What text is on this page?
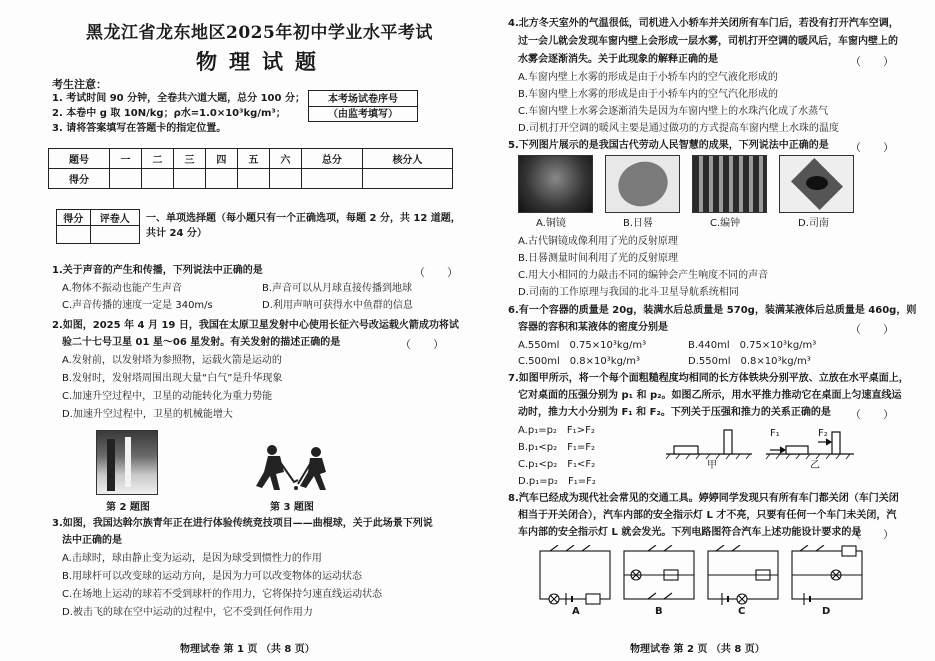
黑龙江省龙东地区2025年初中学业水平考试
物理试题
考生注意：
1. 考试时间 90 分钟，全卷共六道大题，总分 100 分；
2. 本卷中 g 取 10N/kg；ρ水=1.0×10³kg/m³；
3. 请将答案填写在答题卡的指定位置。
本考场试卷序号
（由监考填写）
题号	一	二	三	四	五	六	总分	核分人
得分								
得分	评卷人
	一、单项选择题（每小题只有一个正确选项，每题 2 分，共 12 道题，
共计 24 分）
1.关于声音的产生和传播，下列说法中正确的是	（　　）
A.物体不振动也能产生声音	B.声音可以从月球直接传播到地球
C.声音传播的速度一定是 340m/s	D.利用声呐可获得水中鱼群的信息
2.如图，2025 年 4 月 19 日，我国在太原卫星发射中心使用长征六号改运载火箭成功将试
验二十七号卫星 01 星～06 星发射。有关发射的描述正确的是	（　　）
A.发射前，以发射塔为参照物，运载火箭是运动的
B.发射时，发射塔周围出现大量“白气”是升华现象
C.加速升空过程中，卫星的动能转化为重力势能
D.加速升空过程中，卫星的机械能增大
第 2 题图	第 3 题图
3.如图，我国达斡尔族青年正在进行体验传统竞技项目——曲棍球，关于此场景下列说
法中正确的是
A.击球时，球由静止变为运动，是因为球受到惯性力的作用
B.用球杆可以改变球的运动方向，是因为力可以改变物体的运动状态
C.在场地上运动的球若不受到球杆的作用力，它将保持匀速直线运动状态
D.被击飞的球在空中运动的过程中，它不受到任何作用力
物理试卷 第 1 页 （共 8 页）
4.北方冬天室外的气温很低，司机进入小轿车并关闭所有车门后，若没有打开汽车空调，
过一会儿就会发现车窗内壁上会形成一层水雾，司机打开空调的暖风后，车窗内壁上的
水雾会逐渐消失。关于此现象的解释正确的是	（　　）
A.车窗内壁上水雾的形成是由于小轿车内的空气液化形成的
B.车窗内壁上水雾的形成是由于小轿车内的空气汽化形成的
C.车窗内壁上水雾会逐渐消失是因为车窗内壁上的水珠汽化成了水蒸气
D.司机打开空调的暖风主要是通过做功的方式提高车窗内壁上水珠的温度
5.下列图片展示的是我国古代劳动人民智慧的成果，下列说法中正确的是 （　　）
A.铜镜	B.日晷	C.编钟	D.司南
A.古代铜镜成像利用了光的反射原理
B.日晷测量时间利用了光的反射原理
C.用大小相同的力敲击不同的编钟会产生响度不同的声音
D.司南的工作原理与我国的北斗卫星导航系统相同
6.有一个容器的质量是 20g，装满水后总质量是 570g，装满某液体后总质量是 460g，则
容器的容积和某液体的密度分别是	（　　）
A.550ml　0.75×10³kg/m³	B.440ml　0.75×10³kg/m³
C.500ml　0.8×10³kg/m³	D.550ml　0.8×10³kg/m³
7.如图甲所示，将一个每个面粗糙程度均相同的长方体铁块分别平放、立放在水平桌面上，
它对桌面的压强分别为 p₁ 和 p₂。如图乙所示，用水平推力推动它在桌面上匀速直线运
动时，推力大小分别为 F₁ 和 F₂。下列关于压强和推力的关系正确的是 （　　）
A.p₁=p₂　F₁>F₂
B.p₁<p₂　F₁=F₂
C.p₁<p₂　F₁<F₂
D.p₁=p₂　F₁=F₂
甲	乙
F₁	F₂
8.汽车已经成为现代社会常见的交通工具。婷婷同学发现只有所有车门都关闭（车门关闭
相当于开关闭合），汽车内部的安全指示灯 L 才不亮，只要有任何一个车门未关闭，汽
车内部的安全指示灯 L 就会发光。下列电路图符合汽车上述功能设计要求的是
（　　）
A	B	C	D
物理试卷 第 2 页 （共 8 页）
